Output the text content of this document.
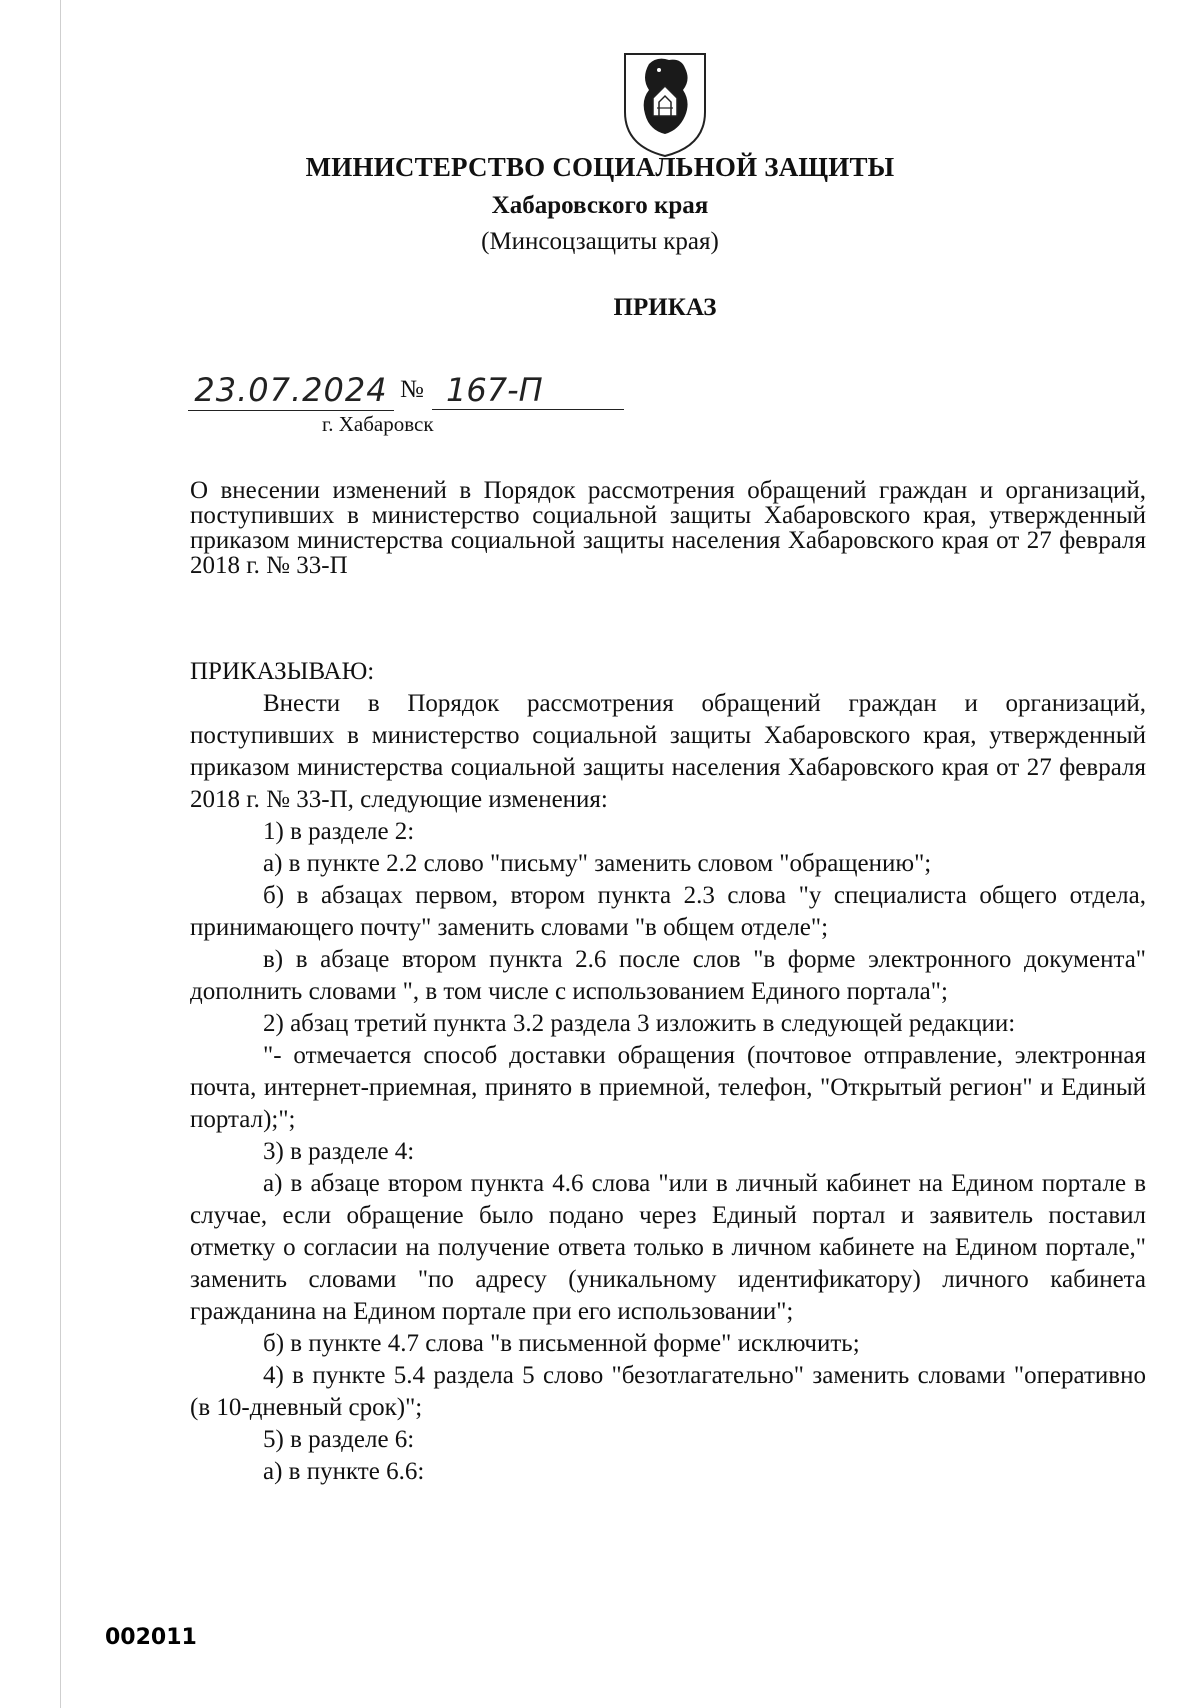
МИНИСТЕРСТВО СОЦИАЛЬНОЙ ЗАЩИТЫ
Хабаровского края
(Минсоцзащиты края)
ПРИКАЗ
23.07.2024 № 167-П
г. Хабаровск
О внесении изменений в Порядок рассмотрения обращений граждан и организаций, поступивших в министерство социальной защиты Хабаровского края, утвержденный приказом министерства социальной защиты населения Хабаровского края от 27 февраля 2018 г. № 33-П

ПРИКАЗЫВАЮ:

Внести в Порядок рассмотрения обращений граждан и организаций, поступивших в министерство социальной защиты Хабаровского края, утвержденный приказом министерства социальной защиты населения Хабаровского края от 27 февраля 2018 г. № 33-П, следующие изменения:

1) в разделе 2:

а) в пункте 2.2 слово "письму" заменить словом "обращению";

б) в абзацах первом, втором пункта 2.3 слова "у специалиста общего отдела, принимающего почту" заменить словами "в общем отделе";

в) в абзаце втором пункта 2.6 после слов "в форме электронного документа" дополнить словами ", в том числе с использованием Единого портала";

2) абзац третий пункта 3.2 раздела 3 изложить в следующей редакции:

"- отмечается способ доставки обращения (почтовое отправление, электронная почта, интернет-приемная, принято в приемной, телефон, "Открытый регион" и Единый портал);";

3) в разделе 4:

а) в абзаце втором пункта 4.6 слова "или в личный кабинет на Едином портале в случае, если обращение было подано через Единый портал и заявитель поставил отметку о согласии на получение ответа только в личном кабинете на Едином портале," заменить словами "по адресу (уникальному идентификатору) личного кабинета гражданина на Едином портале при его использовании";

б) в пункте 4.7 слова "в письменной форме" исключить;

4) в пункте 5.4 раздела 5 слово "безотлагательно" заменить словами "оперативно (в 10-дневный срок)";

5) в разделе 6:

а) в пункте 6.6:

002011
